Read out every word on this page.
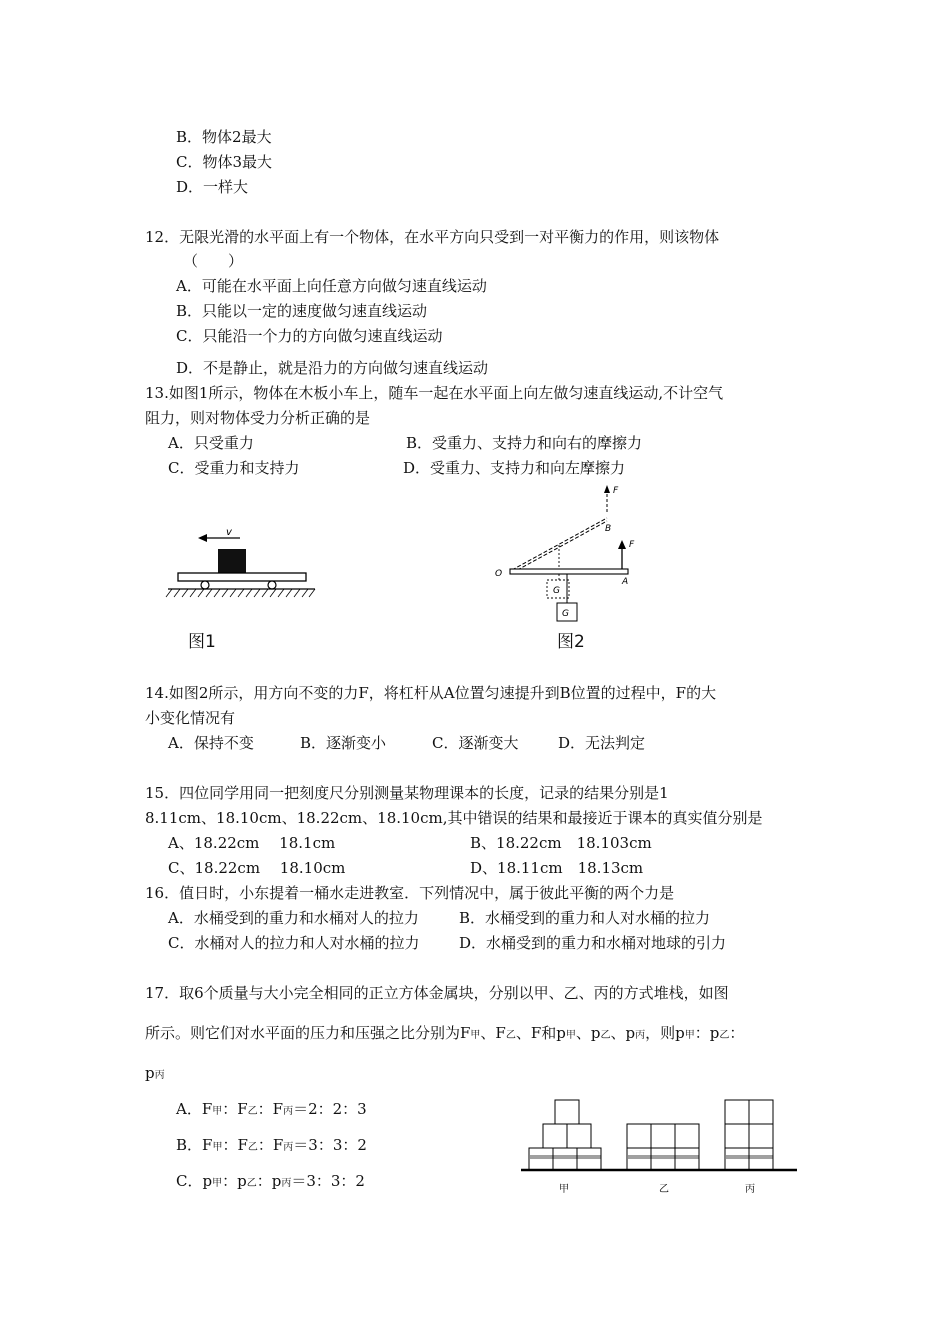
B．物体2最大
C．物体3最大
D．一样大
12．无限光滑的水平面上有一个物体，在水平方向只受到一对平衡力的作用，则该物体
（　　）
A．可能在水平面上向任意方向做匀速直线运动
B．只能以一定的速度做匀速直线运动
C．只能沿一个力的方向做匀速直线运动
D．不是静止，就是沿力的方向做匀速直线运动
13.如图1所示，物体在木板小车上，随车一起在水平面上向左做匀速直线运动,不计空气
阻力，则对物体受力分析正确的是
A．只受重力	B．受重力、支持力和向右的摩擦力
C．受重力和支持力	D．受重力、支持力和向左摩擦力
v
图1
F
B
O
F
A
G
G
图2
14.如图2所示，用方向不变的力F，将杠杆从A位置匀速提升到B位置的过程中，F的大
小变化情况有
A．保持不变	B．逐渐变小	C．逐渐变大	D．无法判定
15．四位同学用同一把刻度尺分别测量某物理课本的长度，记录的结果分别是1
8.11cm、18.10cm、18.22cm、18.10cm,其中错误的结果和最接近于课本的真实值分别是
A、18.22cm　 18.1cm	B、18.22cm　18.103cm
C、18.22cm　 18.10cm	D、18.11cm　18.13cm
16．值日时，小东提着一桶水走进教室．下列情况中，属于彼此平衡的两个力是
A．水桶受到的重力和水桶对人的拉力	B．水桶受到的重力和人对水桶的拉力
C．水桶对人的拉力和人对水桶的拉力	D．水桶受到的重力和水桶对地球的引力
17．取6个质量与大小完全相同的正立方体金属块，分别以甲、乙、丙的方式堆栈，如图
所示。则它们对水平面的压力和压强之比分别为F甲、F乙、F和p甲、p乙、p丙，则p甲：p乙：
p丙
A．F甲：F乙：F丙＝2：2：3
B．F甲：F乙：F丙＝3：3：2
C．p甲：p乙：p丙＝3：3：2	甲	乙	丙
